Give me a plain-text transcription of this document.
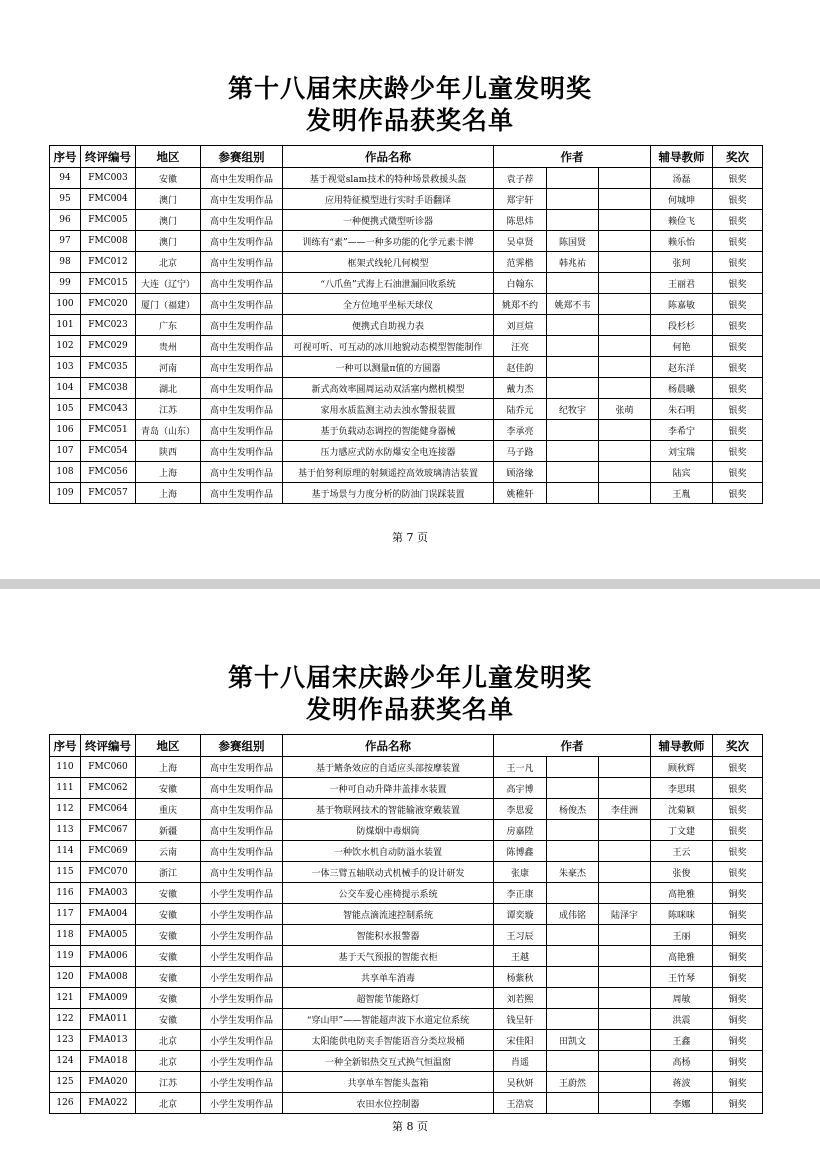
第十八届宋庆龄少年儿童发明奖
发明作品获奖名单
序号	终评编号	地区	参赛组别	作品名称	作者			辅导教师	奖次
94	FMC003	安徽	高中生发明作品	基于视觉slam技术的特种场景救援头盔	袁子荐			汤磊	银奖
95	FMC004	澳门	高中生发明作品	应用特征模型进行实时手语翻译	郑宇轩			何城坤	银奖
96	FMC005	澳门	高中生发明作品	一种便携式微型听诊器	陈思炜			赖俭飞	银奖
97	FMC008	澳门	高中生发明作品	训练有“素”——一种多功能的化学元素卡牌	吴卓贤	陈国贤		赖乐怡	银奖
98	FMC012	北京	高中生发明作品	框架式线轮几何模型	范霁楷	韩兆祐		张珂	银奖
99	FMC015	大连（辽宁）	高中生发明作品	“八爪鱼”式海上石油泄漏回收系统	白翰东			王丽君	银奖
100	FMC020	厦门（福建）	高中生发明作品	全方位地平坐标天球仪	姚郑不约	姚郑不韦		陈嘉敏	银奖
101	FMC023	广东	高中生发明作品	便携式自助视力表	刘亘煊			段杉杉	银奖
102	FMC029	贵州	高中生发明作品	可视可听、可互动的冰川地貌动态模型智能制作	汪亮			何艳	银奖
103	FMC035	河南	高中生发明作品	一种可以测量π值的方圆器	赵佳韵			赵东洋	银奖
104	FMC038	湖北	高中生发明作品	新式高效率圆周运动双活塞内燃机模型	戴力杰			杨晨曦	银奖
105	FMC043	江苏	高中生发明作品	家用水质监测主动去浊水警报装置	陆乔元	纪牧宇	张萌	朱石明	银奖
106	FMC051	青岛（山东）	高中生发明作品	基于负载动态调控的智能健身器械	李承亮			李希宁	银奖
107	FMC054	陕西	高中生发明作品	压力感应式防水防爆安全电连接器	马子路			刘宝瑞	银奖
108	FMC056	上海	高中生发明作品	基于伯努利原理的射频遥控高效玻璃清洁装置	顾洛缘			陆宾	银奖
109	FMC057	上海	高中生发明作品	基于场景与力度分析的防油门误踩装置	姚稚轩			王胤	银奖
第 7 页
第十八届宋庆龄少年儿童发明奖
发明作品获奖名单
序号	终评编号	地区	参赛组别	作品名称	作者			辅导教师	奖次
110	FMC060	上海	高中生发明作品	基于鳍条效应的自适应头部按摩装置	王一凡			顾秋辉	银奖
111	FMC062	安徽	高中生发明作品	一种可自动升降井盖排水装置	高宇博			李思琪	银奖
112	FMC064	重庆	高中生发明作品	基于物联网技术的智能输液穿戴装置	李思爱	杨俊杰	李佳洲	沈菊颖	银奖
113	FMC067	新疆	高中生发明作品	防煤烟中毒烟筒	房嘉陞			丁文建	银奖
114	FMC069	云南	高中生发明作品	一种饮水机自动防溢水装置	陈博鑫			王云	银奖
115	FMC070	浙江	高中生发明作品	一体三臂五轴联动式机械手的设计研发	张康	朱豪杰		张俊	银奖
116	FMA003	安徽	小学生发明作品	公交车爱心座椅提示系统	李正康			高艳雅	铜奖
117	FMA004	安徽	小学生发明作品	智能点滴流速控制系统	谭奕璇	成伟铭	陆泽宇	陈咪咪	铜奖
118	FMA005	安徽	小学生发明作品	智能积水报警器	王习辰			王丽	铜奖
119	FMA006	安徽	小学生发明作品	基于天气预报的智能衣柜	王越			高艳雅	铜奖
120	FMA008	安徽	小学生发明作品	共享单车消毒	杨紫秋			王竹琴	铜奖
121	FMA009	安徽	小学生发明作品	超智能节能路灯	刘若熙			周敏	铜奖
122	FMA011	安徽	小学生发明作品	“穿山甲”——智能超声波下水道定位系统	钱呈轩			洪震	铜奖
123	FMA013	北京	小学生发明作品	太阳能供电防夹手智能语音分类垃圾桶	宋佳阳	田凯文		王鑫	铜奖
124	FMA018	北京	小学生发明作品	一种全新铝热交互式换气恒温窗	肖遥			高杨	铜奖
125	FMA020	江苏	小学生发明作品	共享单车智能头盔箱	吴秋妍	王蔚然		蒋波	铜奖
126	FMA022	北京	小学生发明作品	农田水位控制器	王浩宸			李娜	铜奖
第 8 页
